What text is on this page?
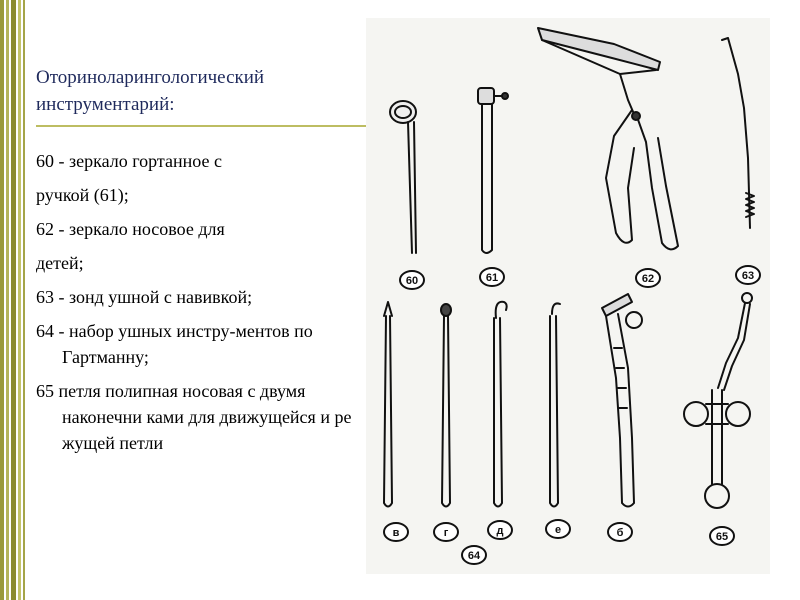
Оториноларингологический инструментарий:
60 - зеркало гортанное с
ручкой (61);
62 - зеркало носовое для
детей;
63 - зонд ушной с навивкой;
64 - набор ушных инстру-ментов по Гартманну;
65 петля полипная носовая с двумя наконечни ками для движущейся и ре жущей петли
60	61	62	63
в	г	д	е	б
64
65
